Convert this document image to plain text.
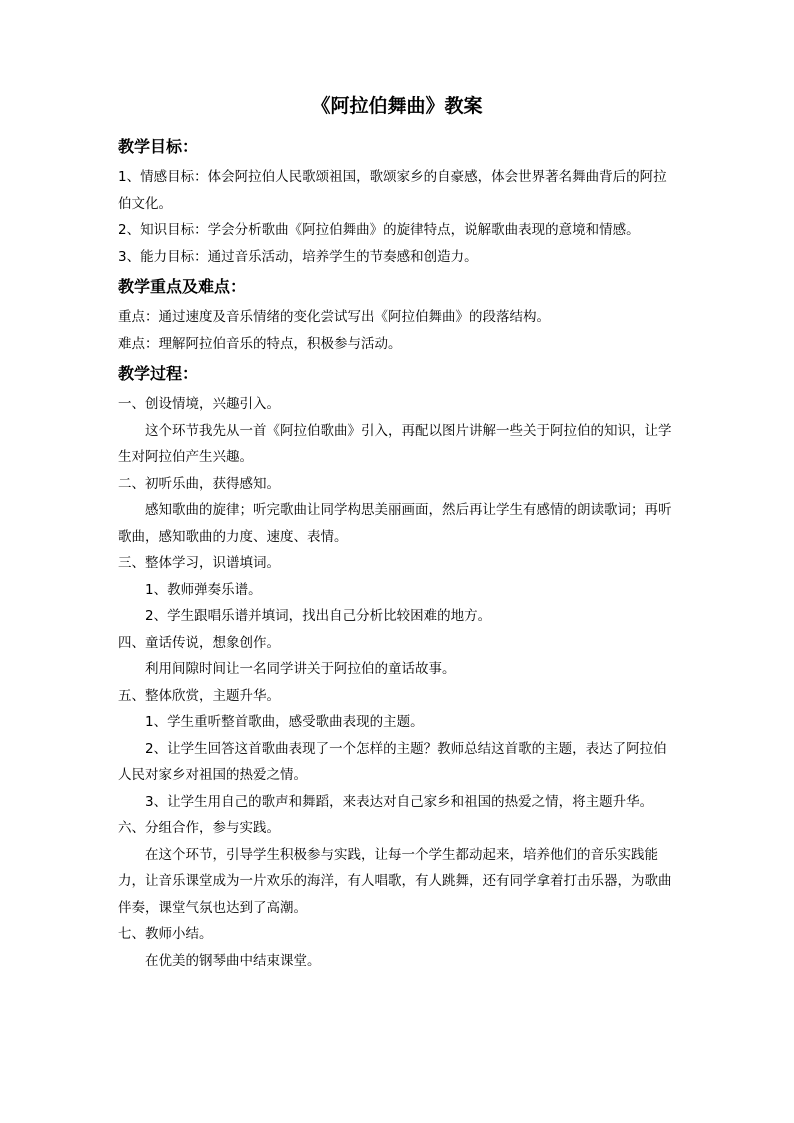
《阿拉伯舞曲》教案
教学目标：

1、情感目标：体会阿拉伯人民歌颂祖国，歌颂家乡的自豪感，体会世界著名舞曲背后的阿拉伯文化。

2、知识目标：学会分析歌曲《阿拉伯舞曲》的旋律特点，说解歌曲表现的意境和情感。

3、能力目标：通过音乐活动，培养学生的节奏感和创造力。

教学重点及难点：

重点：通过速度及音乐情绪的变化尝试写出《阿拉伯舞曲》的段落结构。

难点：理解阿拉伯音乐的特点，积极参与活动。

教学过程：

一、创设情境，兴趣引入。

这个环节我先从一首《阿拉伯歌曲》引入，再配以图片讲解一些关于阿拉伯的知识，让学生对阿拉伯产生兴趣。

二、初听乐曲，获得感知。

感知歌曲的旋律；听完歌曲让同学构思美丽画面，然后再让学生有感情的朗读歌词；再听歌曲，感知歌曲的力度、速度、表情。

三、整体学习，识谱填词。

1、教师弹奏乐谱。

2、学生跟唱乐谱并填词，找出自己分析比较困难的地方。

四、童话传说，想象创作。

利用间隙时间让一名同学讲关于阿拉伯的童话故事。

五、整体欣赏，主题升华。

1、学生重听整首歌曲，感受歌曲表现的主题。

2、让学生回答这首歌曲表现了一个怎样的主题？教师总结这首歌的主题，表达了阿拉伯人民对家乡对祖国的热爱之情。

3、让学生用自己的歌声和舞蹈，来表达对自己家乡和祖国的热爱之情，将主题升华。

六、分组合作，参与实践。

在这个环节，引导学生积极参与实践，让每一个学生都动起来，培养他们的音乐实践能力，让音乐课堂成为一片欢乐的海洋，有人唱歌，有人跳舞，还有同学拿着打击乐器，为歌曲伴奏，课堂气氛也达到了高潮。

七、教师小结。

在优美的钢琴曲中结束课堂。
